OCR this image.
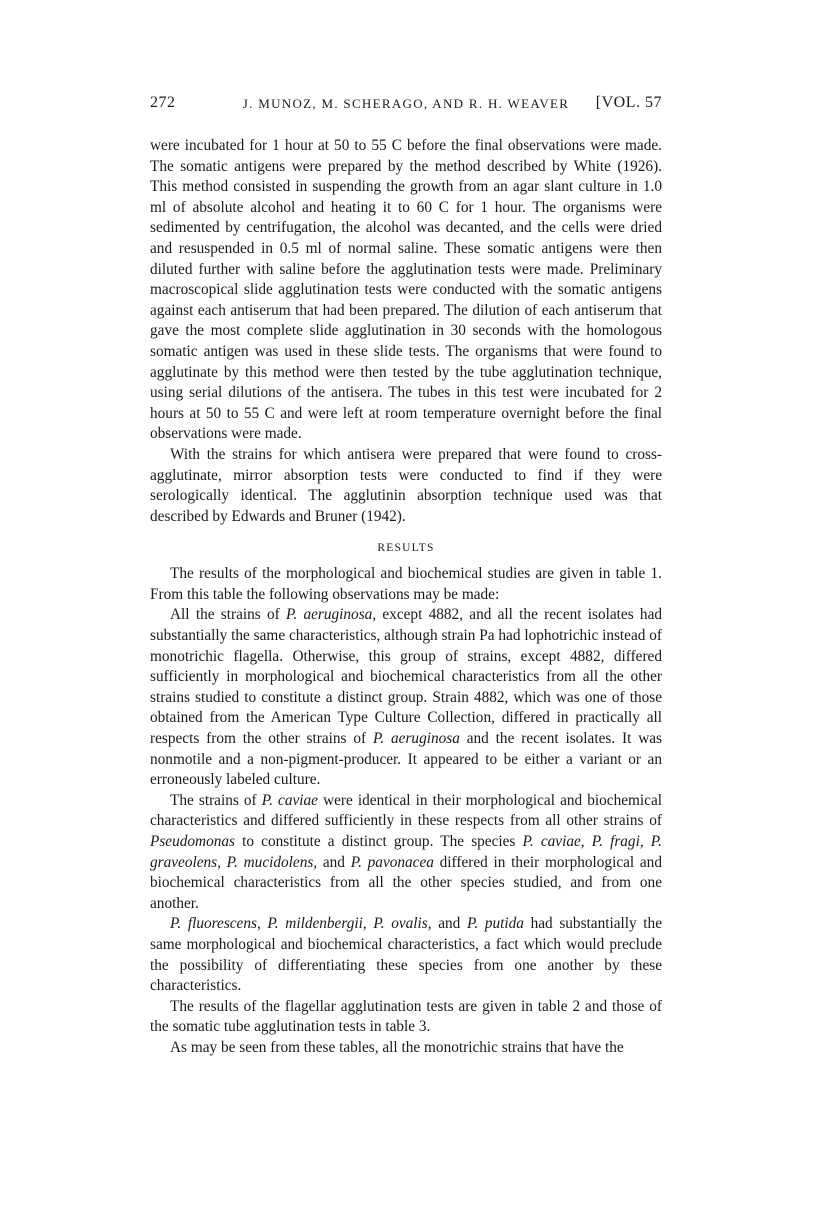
272	J. MUNOZ, M. SCHERAGO, AND R. H. WEAVER	[VOL. 57

were incubated for 1 hour at 50 to 55 C before the final observations were made. The somatic antigens were prepared by the method described by White (1926). This method consisted in suspending the growth from an agar slant culture in 1.0 ml of absolute alcohol and heating it to 60 C for 1 hour. The organisms were sedimented by centrifugation, the alcohol was decanted, and the cells were dried and resuspended in 0.5 ml of normal saline. These somatic antigens were then diluted further with saline before the agglutination tests were made. Preliminary macroscopical slide agglutination tests were conducted with the somatic antigens against each antiserum that had been prepared. The dilution of each antiserum that gave the most complete slide agglutination in 30 seconds with the homologous somatic antigen was used in these slide tests. The organisms that were found to agglutinate by this method were then tested by the tube agglutination technique, using serial dilutions of the antisera. The tubes in this test were incubated for 2 hours at 50 to 55 C and were left at room temperature overnight before the final observations were made.

With the strains for which antisera were prepared that were found to cross-agglutinate, mirror absorption tests were conducted to find if they were serologically identical. The agglutinin absorption technique used was that described by Edwards and Bruner (1942).

RESULTS

The results of the morphological and biochemical studies are given in table 1. From this table the following observations may be made:

All the strains of P. aeruginosa, except 4882, and all the recent isolates had substantially the same characteristics, although strain Pa had lophotrichic instead of monotrichic flagella. Otherwise, this group of strains, except 4882, differed sufficiently in morphological and biochemical characteristics from all the other strains studied to constitute a distinct group. Strain 4882, which was one of those obtained from the American Type Culture Collection, differed in practically all respects from the other strains of P. aeruginosa and the recent isolates. It was nonmotile and a non-pigment-producer. It appeared to be either a variant or an erroneously labeled culture.

The strains of P. caviae were identical in their morphological and biochemical characteristics and differed sufficiently in these respects from all other strains of Pseudomonas to constitute a distinct group. The species P. caviae, P. fragi, P. graveolens, P. mucidolens, and P. pavonacea differed in their morphological and biochemical characteristics from all the other species studied, and from one another.

P. fluorescens, P. mildenbergii, P. ovalis, and P. putida had substantially the same morphological and biochemical characteristics, a fact which would preclude the possibility of differentiating these species from one another by these characteristics.

The results of the flagellar agglutination tests are given in table 2 and those of the somatic tube agglutination tests in table 3.

As may be seen from these tables, all the monotrichic strains that have the
